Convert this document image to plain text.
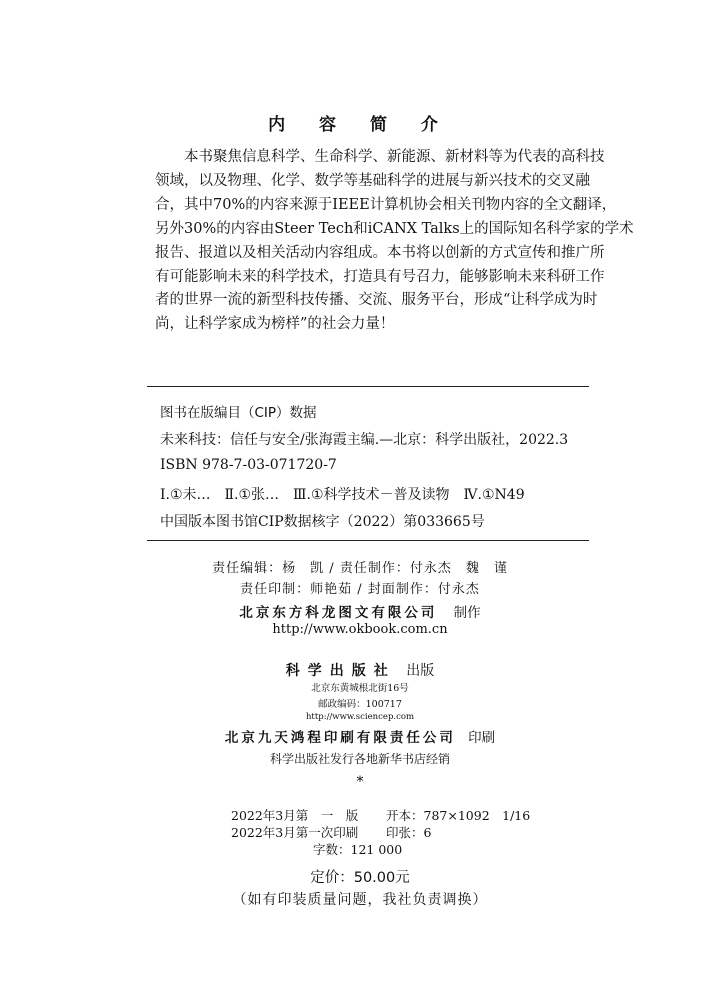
内 容 简 介
本书聚焦信息科学、生命科学、新能源、新材料等为代表的高科技
领域，以及物理、化学、数学等基础科学的进展与新兴技术的交叉融
合，其中70%的内容来源于IEEE计算机协会相关刊物内容的全文翻译，
另外30%的内容由Steer Tech和iCANX Talks上的国际知名科学家的学术
报告、报道以及相关活动内容组成。本书将以创新的方式宣传和推广所
有可能影响未来的科学技术，打造具有号召力，能够影响未来科研工作
者的世界一流的新型科技传播、交流、服务平台，形成“让科学成为时
尚，让科学家成为榜样”的社会力量！
图书在版编目（CIP）数据
未来科技：信任与安全/张海霞主编.—北京：科学出版社，2022.3
ISBN 978-7-03-071720-7
Ⅰ.①未…　Ⅱ.①张…　Ⅲ.①科学技术－普及读物　Ⅳ.①N49
中国版本图书馆CIP数据核字（2022）第033665号
责任编辑：杨　凯 / 责任制作：付永杰　魏　谨
责任印制：师艳茹 / 封面制作：付永杰
北京东方科龙图文有限公司 制作
http://www.okbook.com.cn
科学出版社 出版
北京东黄城根北街16号
邮政编码：100717
http://www.sciencep.com
北京九天鸿程印刷有限责任公司 印刷
科学出版社发行各地新华书店经销
*
2022年3月第　一　版 开本：787×1092　1/16
2022年3月第一次印刷 印张：6
字数：121 000
定价：50.00元
（如有印装质量问题，我社负责调换）
